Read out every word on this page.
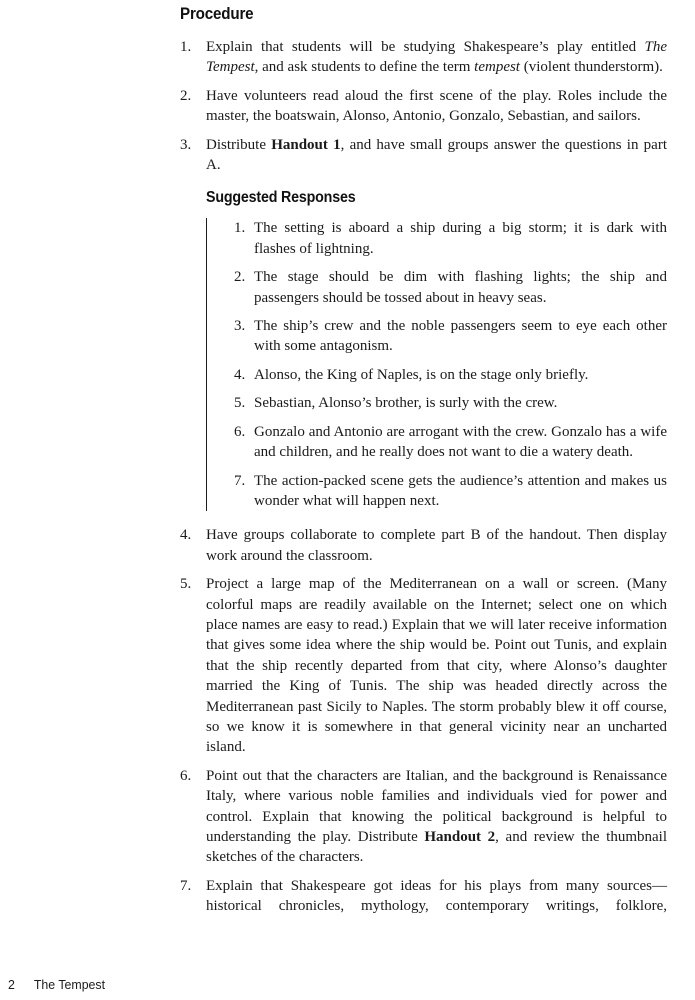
Procedure
1. Explain that students will be studying Shakespeare’s play entitled The Tempest, and ask students to define the term tempest (violent thunderstorm).

2. Have volunteers read aloud the first scene of the play. Roles include the master, the boatswain, Alonso, Antonio, Gonzalo, Sebastian, and sailors.

3. Distribute Handout 1, and have small groups answer the questions in part A.

Suggested Responses
1. The setting is aboard a ship during a big storm; it is dark with flashes of lightning.

2. The stage should be dim with flashing lights; the ship and passengers should be tossed about in heavy seas.

3. The ship’s crew and the noble passengers seem to eye each other with some antagonism.

4. Alonso, the King of Naples, is on the stage only briefly.

5. Sebastian, Alonso’s brother, is surly with the crew.

6. Gonzalo and Antonio are arrogant with the crew. Gonzalo has a wife and children, and he really does not want to die a watery death.

7. The action-packed scene gets the audience’s attention and makes us wonder what will happen next.

4. Have groups collaborate to complete part B of the handout. Then display work around the classroom.

5. Project a large map of the Mediterranean on a wall or screen. (Many colorful maps are readily available on the Internet; select one on which place names are easy to read.) Explain that we will later receive information that gives some idea where the ship would be. Point out Tunis, and explain that the ship recently departed from that city, where Alonso’s daughter married the King of Tunis. The ship was headed directly across the Mediterranean past Sicily to Naples. The storm probably blew it off course, so we know it is somewhere in that general vicinity near an uncharted island.

6. Point out that the characters are Italian, and the background is Renaissance Italy, where various noble families and individuals vied for power and control. Explain that knowing the political background is helpful to understanding the play. Distribute Handout 2, and review the thumbnail sketches of the characters.

7. Explain that Shakespeare got ideas for his plays from many sources—historical chronicles, mythology, contemporary writings, folklore,

2 The Tempest
